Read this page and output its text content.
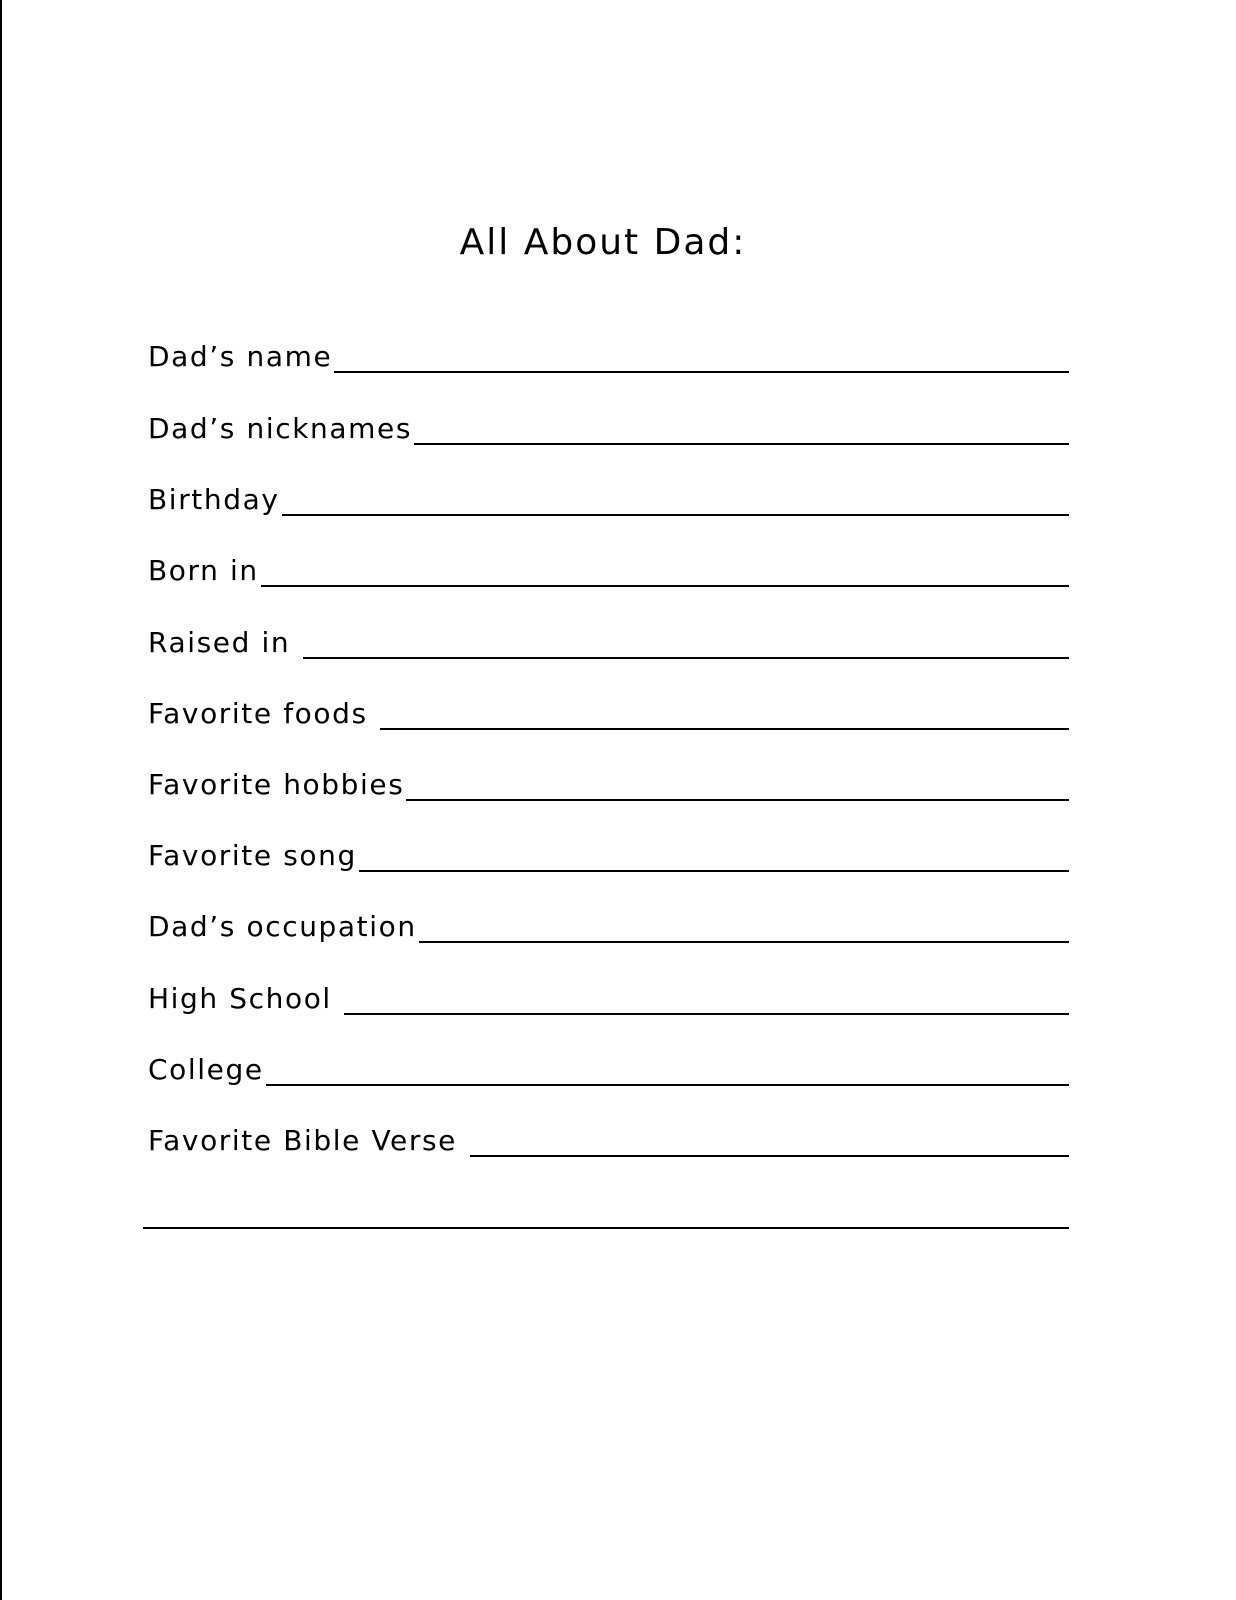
All About Dad:
Dad’s name
Dad’s nicknames
Birthday
Born in
Raised in
Favorite foods
Favorite hobbies
Favorite song
Dad’s occupation
High School
College
Favorite Bible Verse
